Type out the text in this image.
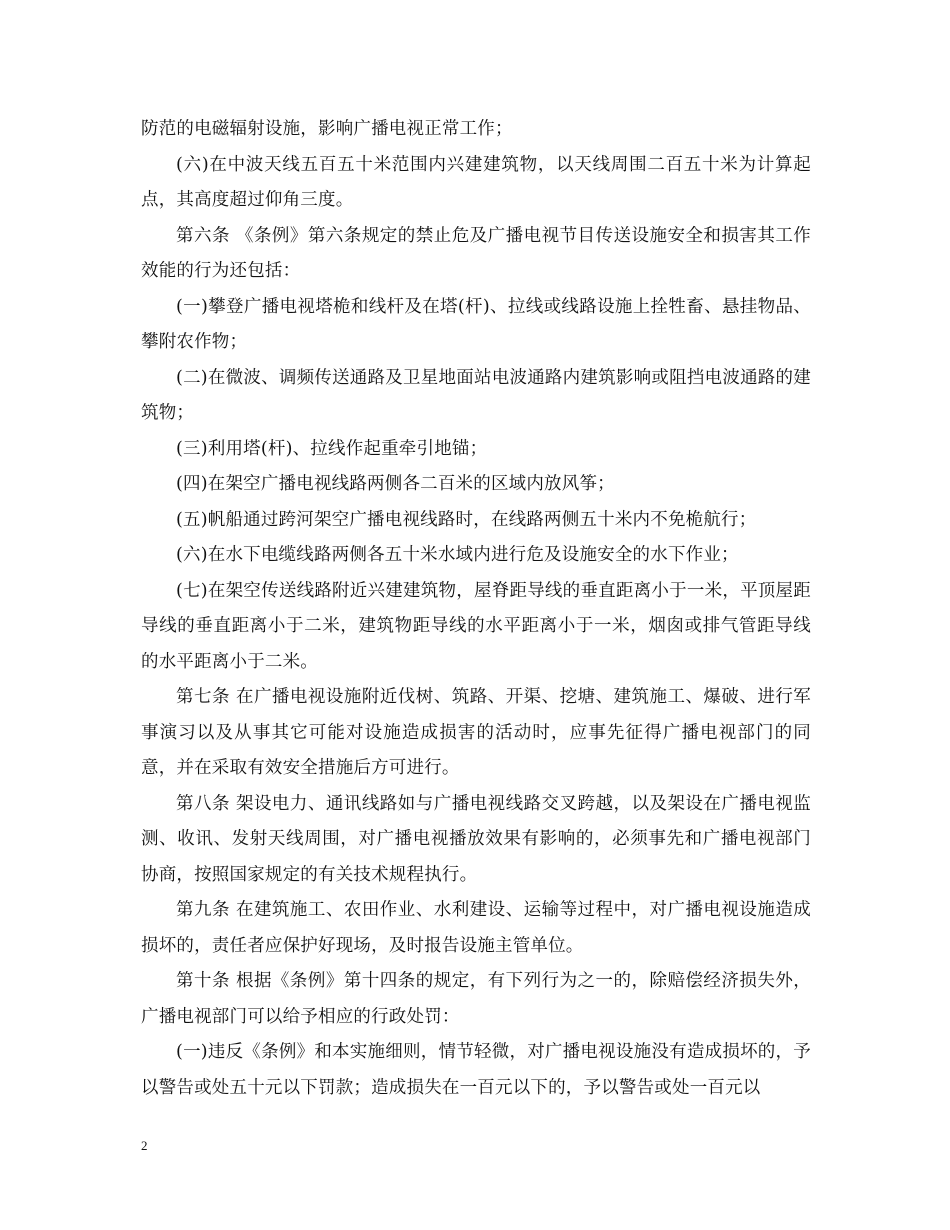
防范的电磁辐射设施，影响广播电视正常工作；

(六)在中波天线五百五十米范围内兴建建筑物，以天线周围二百五十米为计算起点，其高度超过仰角三度。

第六条 《条例》第六条规定的禁止危及广播电视节目传送设施安全和损害其工作效能的行为还包括：

(一)攀登广播电视塔桅和线杆及在塔(杆)、拉线或线路设施上拴牲畜、悬挂物品、攀附农作物；

(二)在微波、调频传送通路及卫星地面站电波通路内建筑影响或阻挡电波通路的建筑物；

(三)利用塔(杆)、拉线作起重牵引地锚；

(四)在架空广播电视线路两侧各二百米的区域内放风筝；

(五)帆船通过跨河架空广播电视线路时，在线路两侧五十米内不免桅航行；

(六)在水下电缆线路两侧各五十米水域内进行危及设施安全的水下作业；

(七)在架空传送线路附近兴建建筑物，屋脊距导线的垂直距离小于一米，平顶屋距导线的垂直距离小于二米，建筑物距导线的水平距离小于一米，烟囱或排气管距导线的水平距离小于二米。

第七条 在广播电视设施附近伐树、筑路、开渠、挖塘、建筑施工、爆破、进行军事演习以及从事其它可能对设施造成损害的活动时，应事先征得广播电视部门的同意，并在采取有效安全措施后方可进行。

第八条 架设电力、通讯线路如与广播电视线路交叉跨越，以及架设在广播电视监测、收讯、发射天线周围，对广播电视播放效果有影响的，必须事先和广播电视部门协商，按照国家规定的有关技术规程执行。

第九条 在建筑施工、农田作业、水利建设、运输等过程中，对广播电视设施造成损坏的，责任者应保护好现场，及时报告设施主管单位。

第十条 根据《条例》第十四条的规定，有下列行为之一的，除赔偿经济损失外，广播电视部门可以给予相应的行政处罚：

(一)违反《条例》和本实施细则，情节轻微，对广播电视设施没有造成损坏的，予以警告或处五十元以下罚款；造成损失在一百元以下的，予以警告或处一百元以

2
